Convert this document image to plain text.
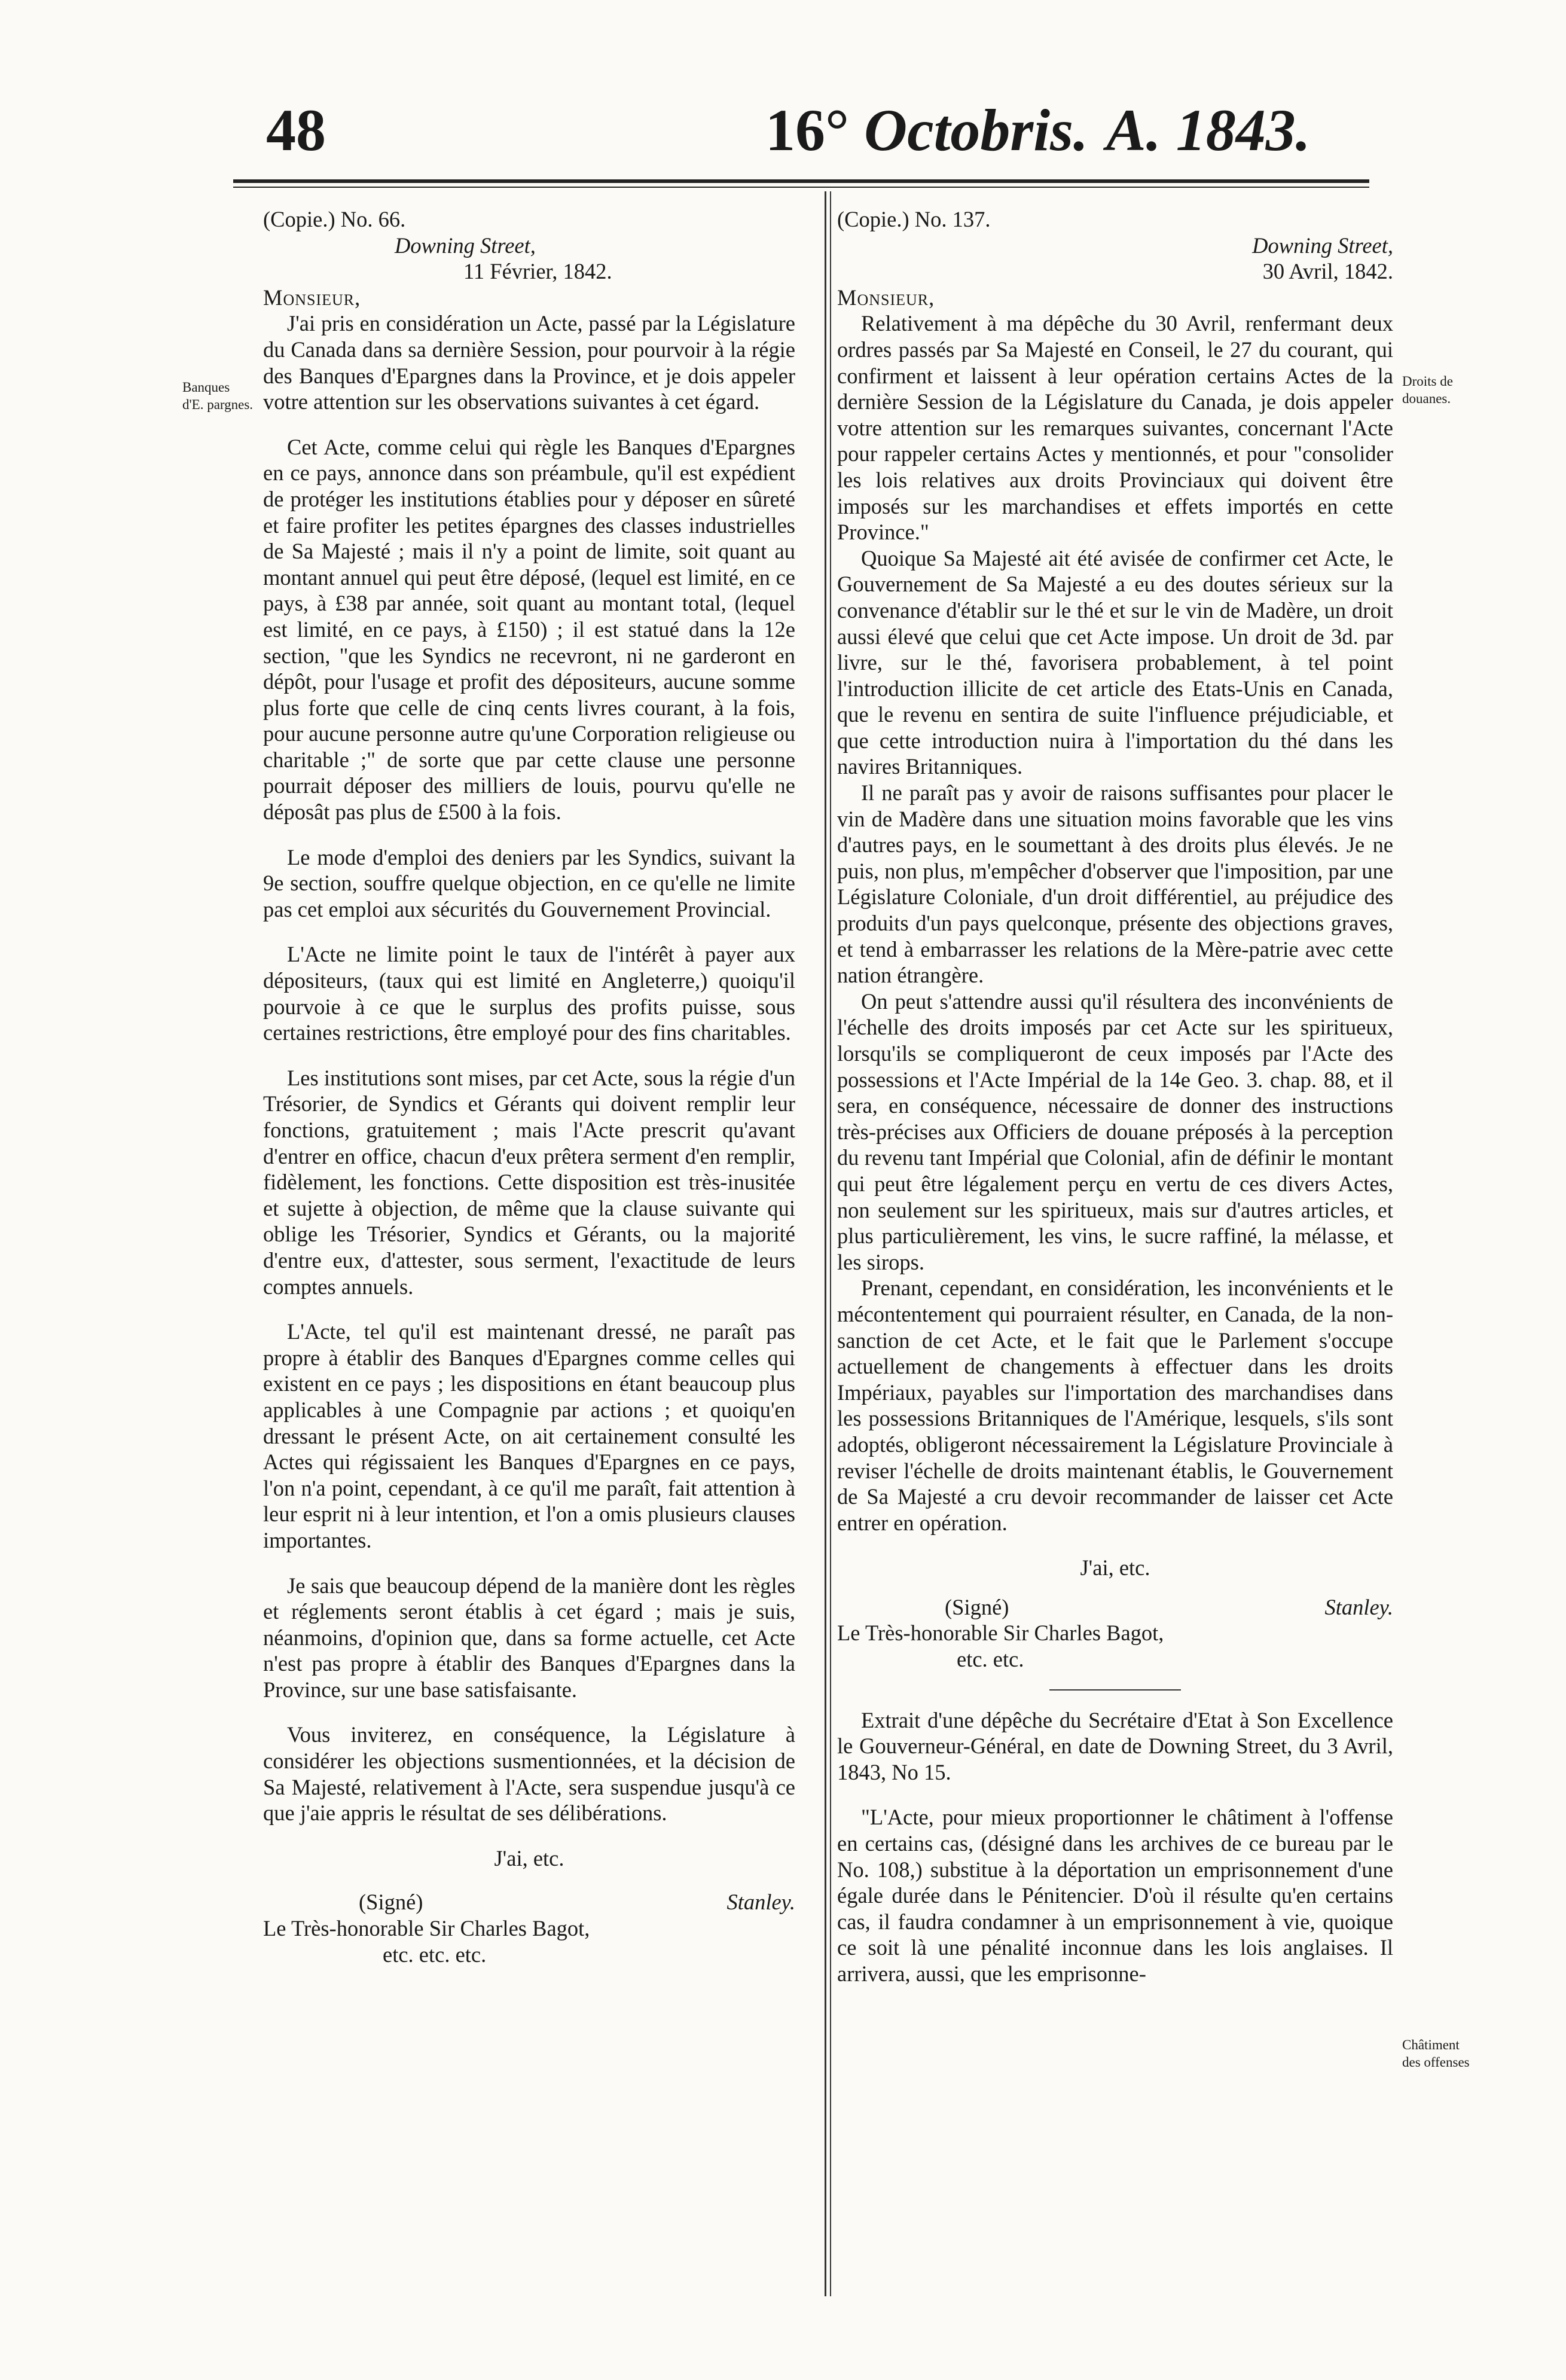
48	16° Octobris. A. 1843.
Banques d'E. pargnes.
Droits de douanes.
Châtiment des offenses

(Copie.) No. 66.

Downing Street,

11 Février, 1842.

Monsieur,

J'ai pris en considération un Acte, passé par la Législature du Canada dans sa dernière Session, pour pourvoir à la régie des Banques d'Epargnes dans la Province, et je dois appeler votre attention sur les observations suivantes à cet égard.

Cet Acte, comme celui qui règle les Banques d'Epargnes en ce pays, annonce dans son préambule, qu'il est expédient de protéger les institutions établies pour y déposer en sûreté et faire profiter les petites épargnes des classes industrielles de Sa Majesté ; mais il n'y a point de limite, soit quant au montant annuel qui peut être déposé, (lequel est limité, en ce pays, à £38 par année, soit quant au montant total, (lequel est limité, en ce pays, à £150) ; il est statué dans la 12e section, "que les Syndics ne recevront, ni ne garderont en dépôt, pour l'usage et profit des dépositeurs, aucune somme plus forte que celle de cinq cents livres courant, à la fois, pour aucune personne autre qu'une Corporation religieuse ou charitable ;" de sorte que par cette clause une personne pourrait déposer des milliers de louis, pourvu qu'elle ne déposât pas plus de £500 à la fois.

Le mode d'emploi des deniers par les Syndics, suivant la 9e section, souffre quelque objection, en ce qu'elle ne limite pas cet emploi aux sécurités du Gouvernement Provincial.

L'Acte ne limite point le taux de l'intérêt à payer aux dépositeurs, (taux qui est limité en Angleterre,) quoiqu'il pourvoie à ce que le surplus des profits puisse, sous certaines restrictions, être employé pour des fins charitables.

Les institutions sont mises, par cet Acte, sous la régie d'un Trésorier, de Syndics et Gérants qui doivent remplir leur fonctions, gratuitement ; mais l'Acte prescrit qu'avant d'entrer en office, chacun d'eux prêtera serment d'en remplir, fidèlement, les fonctions. Cette disposition est très-inusitée et sujette à objection, de même que la clause suivante qui oblige les Trésorier, Syndics et Gérants, ou la majorité d'entre eux, d'attester, sous serment, l'exactitude de leurs comptes annuels.

L'Acte, tel qu'il est maintenant dressé, ne paraît pas propre à établir des Banques d'Epargnes comme celles qui existent en ce pays ; les dispositions en étant beaucoup plus applicables à une Compagnie par actions ; et quoiqu'en dressant le présent Acte, on ait certainement consulté les Actes qui régissaient les Banques d'Epargnes en ce pays, l'on n'a point, cependant, à ce qu'il me paraît, fait attention à leur esprit ni à leur intention, et l'on a omis plusieurs clauses importantes.

Je sais que beaucoup dépend de la manière dont les règles et réglements seront établis à cet égard ; mais je suis, néanmoins, d'opinion que, dans sa forme actuelle, cet Acte n'est pas propre à établir des Banques d'Epargnes dans la Province, sur une base satisfaisante.

Vous inviterez, en conséquence, la Législature à considérer les objections susmentionnées, et la décision de Sa Majesté, relativement à l'Acte, sera suspendue jusqu'à ce que j'aie appris le résultat de ses délibérations.

J'ai, etc.

(Signé)	Stanley.

Le Très-honorable Sir Charles Bagot,

etc. etc. etc.

(Copie.) No. 137.

Downing Street,

30 Avril, 1842.

Monsieur,

Relativement à ma dépêche du 30 Avril, renfermant deux ordres passés par Sa Majesté en Conseil, le 27 du courant, qui confirment et laissent à leur opération certains Actes de la dernière Session de la Législature du Canada, je dois appeler votre attention sur les remarques suivantes, concernant l'Acte pour rappeler certains Actes y mentionnés, et pour "consolider les lois relatives aux droits Provinciaux qui doivent être imposés sur les marchandises et effets importés en cette Province."

Quoique Sa Majesté ait été avisée de confirmer cet Acte, le Gouvernement de Sa Majesté a eu des doutes sérieux sur la convenance d'établir sur le thé et sur le vin de Madère, un droit aussi élevé que celui que cet Acte impose. Un droit de 3d. par livre, sur le thé, favorisera probablement, à tel point l'introduction illicite de cet article des Etats-Unis en Canada, que le revenu en sentira de suite l'influence préjudiciable, et que cette introduction nuira à l'importation du thé dans les navires Britanniques.

Il ne paraît pas y avoir de raisons suffisantes pour placer le vin de Madère dans une situation moins favorable que les vins d'autres pays, en le soumettant à des droits plus élevés. Je ne puis, non plus, m'empêcher d'observer que l'imposition, par une Législature Coloniale, d'un droit différentiel, au préjudice des produits d'un pays quelconque, présente des objections graves, et tend à embarrasser les relations de la Mère-patrie avec cette nation étrangère.

On peut s'attendre aussi qu'il résultera des inconvénients de l'échelle des droits imposés par cet Acte sur les spiritueux, lorsqu'ils se compliqueront de ceux imposés par l'Acte des possessions et l'Acte Impérial de la 14e Geo. 3. chap. 88, et il sera, en conséquence, nécessaire de donner des instructions très-précises aux Officiers de douane préposés à la perception du revenu tant Impérial que Colonial, afin de définir le montant qui peut être légalement perçu en vertu de ces divers Actes, non seulement sur les spiritueux, mais sur d'autres articles, et plus particulièrement, les vins, le sucre raffiné, la mélasse, et les sirops.

Prenant, cependant, en considération, les inconvénients et le mécontentement qui pourraient résulter, en Canada, de la non-sanction de cet Acte, et le fait que le Parlement s'occupe actuellement de changements à effectuer dans les droits Impériaux, payables sur l'importation des marchandises dans les possessions Britanniques de l'Amérique, lesquels, s'ils sont adoptés, obligeront nécessairement la Législature Provinciale à reviser l'échelle de droits maintenant établis, le Gouvernement de Sa Majesté a cru devoir recommander de laisser cet Acte entrer en opération.

J'ai, etc.

(Signé)	Stanley.

Le Très-honorable Sir Charles Bagot,

etc. etc.

Extrait d'une dépêche du Secrétaire d'Etat à Son Excellence le Gouverneur-Général, en date de Downing Street, du 3 Avril, 1843, No 15.

"L'Acte, pour mieux proportionner le châtiment à l'offense en certains cas, (désigné dans les archives de ce bureau par le No. 108,) substitue à la déportation un emprisonnement d'une égale durée dans le Pénitencier. D'où il résulte qu'en certains cas, il faudra condamner à un emprisonnement à vie, quoique ce soit là une pénalité inconnue dans les lois anglaises. Il arrivera, aussi, que les emprisonne-
